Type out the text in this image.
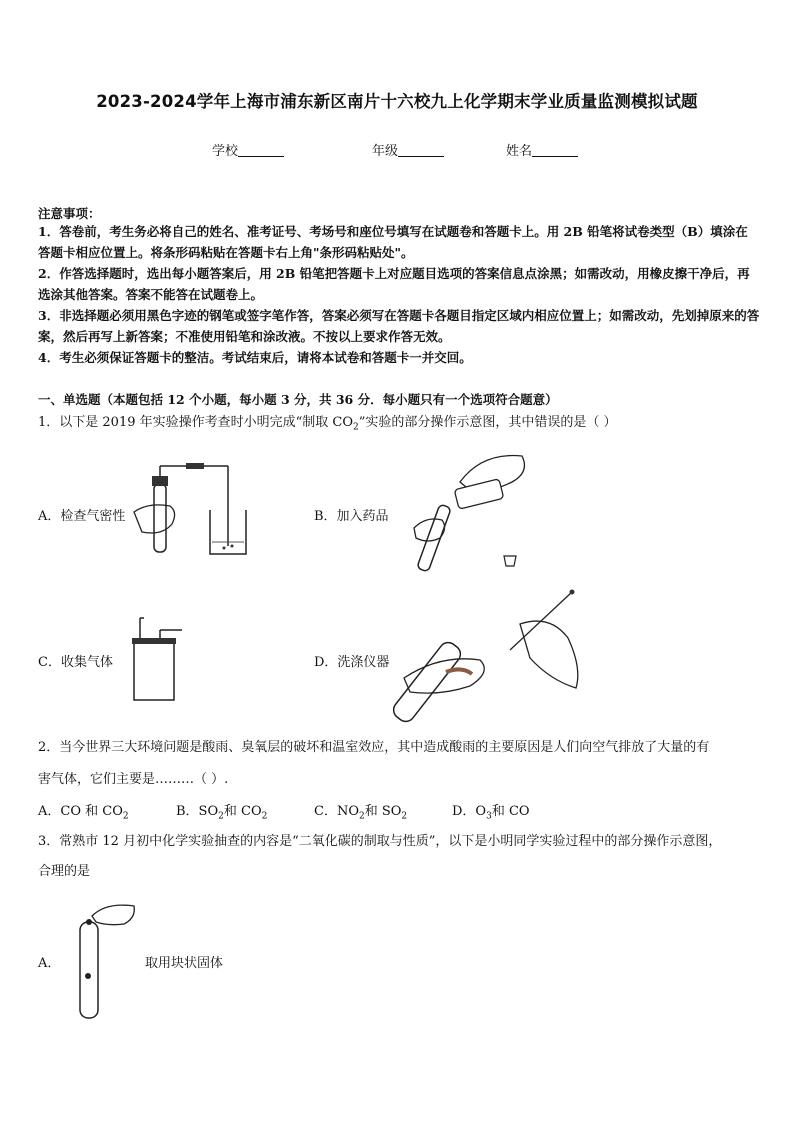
2023-2024学年上海市浦东新区南片十六校九上化学期末学业质量监测模拟试题
学校	年级	姓名
注意事项：
1．答卷前，考生务必将自己的姓名、准考证号、考场号和座位号填写在试题卷和答题卡上。用 2B 铅笔将试卷类型（B）填涂在答题卡相应位置上。将条形码粘贴在答题卡右上角"条形码粘贴处"。
2．作答选择题时，选出每小题答案后，用 2B 铅笔把答题卡上对应题目选项的答案信息点涂黑；如需改动，用橡皮擦干净后，再选涂其他答案。答案不能答在试题卷上。
3．非选择题必须用黑色字迹的钢笔或签字笔作答，答案必须写在答题卡各题目指定区域内相应位置上；如需改动，先划掉原来的答案，然后再写上新答案；不准使用铅笔和涂改液。不按以上要求作答无效。
4．考生必须保证答题卡的整洁。考试结束后，请将本试卷和答题卡一并交回。
一、单选题（本题包括 12 个小题，每小题 3 分，共 36 分．每小题只有一个选项符合题意）
1．以下是 2019 年实验操作考查时小明完成“制取 $CO_2$”实验的部分操作示意图，其中错误的是（ ）
A．检查气密性	B．加入药品
C．收集气体	D．洗涤仪器
2．当今世界三大环境问题是酸雨、臭氧层的破坏和温室效应，其中造成酸雨的主要原因是人们向空气排放了大量的有
害气体，它们主要是………（ ）.
A．CO 和 $CO_2$	B．$SO_2$和 $CO_2$	C．$NO_2$和 $SO_2$	D．$O_3$和 CO
3．常熟市 12 月初中化学实验抽查的内容是“二氧化碳的制取与性质”，以下是小明同学实验过程中的部分操作示意图，
合理的是
A．	取用块状固体
